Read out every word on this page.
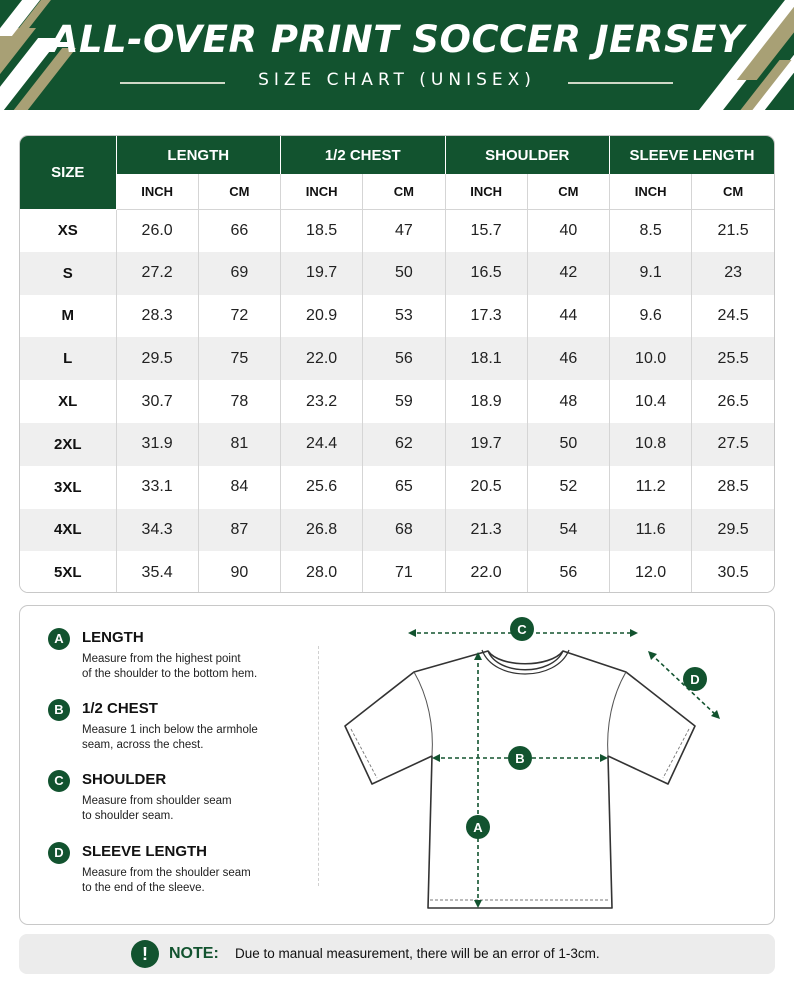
ALL-OVER PRINT SOCCER JERSEY
SIZE CHART (UNISEX)
SIZE	LENGTH		1/2 CHEST		SHOULDER		SLEEVE LENGTH	
	INCH	CM	INCH	CM	INCH	CM	INCH	CM
XS	26.0	66	18.5	47	15.7	40	8.5	21.5
S	27.2	69	19.7	50	16.5	42	9.1	23
M	28.3	72	20.9	53	17.3	44	9.6	24.5
L	29.5	75	22.0	56	18.1	46	10.0	25.5
XL	30.7	78	23.2	59	18.9	48	10.4	26.5
2XL	31.9	81	24.4	62	19.7	50	10.8	27.5
3XL	33.1	84	25.6	65	20.5	52	11.2	28.5
4XL	34.3	87	26.8	68	21.3	54	11.6	29.5
5XL	35.4	90	28.0	71	22.0	56	12.0	30.5
A	LENGTH
Measure from the highest point
of the shoulder to the bottom hem.
B	1/2 CHEST
Measure 1 inch below the armhole
seam, across the chest.
C	SHOULDER
Measure from shoulder seam
to shoulder seam.
D	SLEEVE LENGTH
Measure from the shoulder seam
to the end of the sleeve.
C
B
A
D
!	NOTE: Due to manual measurement, there will be an error of 1-3cm.
